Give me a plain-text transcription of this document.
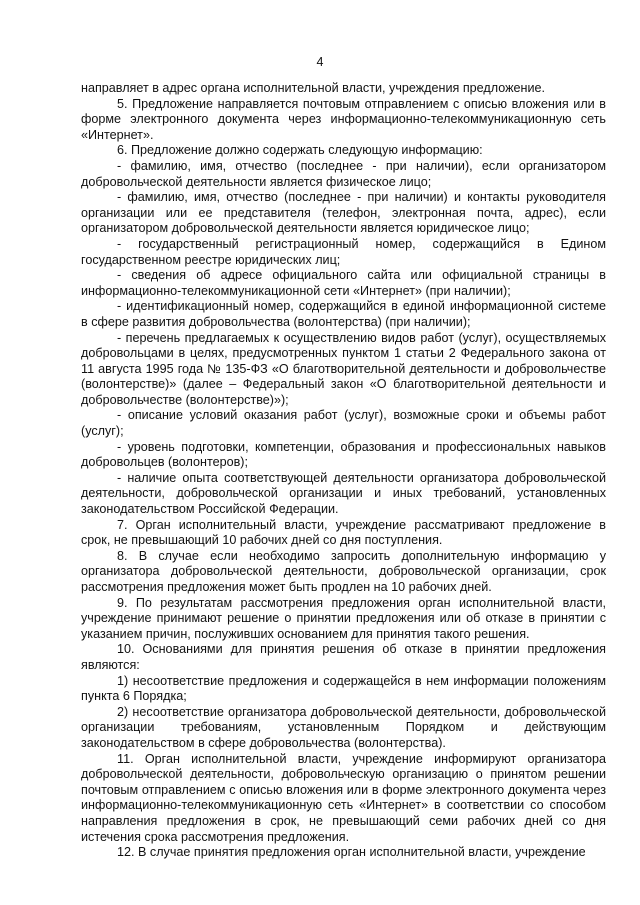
4

направляет в адрес органа исполнительной власти, учреждения предложение.

5. Предложение направляется почтовым отправлением с описью вложения или в форме электронного документа через информационно-телекоммуникационную сеть «Интернет».

6. Предложение должно содержать следующую информацию:

- фамилию, имя, отчество (последнее - при наличии), если организатором добровольческой деятельности является физическое лицо;

- фамилию, имя, отчество (последнее - при наличии) и контакты руководителя организации или ее представителя (телефон, электронная почта, адрес), если организатором добровольческой деятельности является юридическое лицо;

- государственный регистрационный номер, содержащийся в Едином государственном реестре юридических лиц;

- сведения об адресе официального сайта или официальной страницы в информационно-телекоммуникационной сети «Интернет» (при наличии);

- идентификационный номер, содержащийся в единой информационной системе в сфере развития добровольчества (волонтерства) (при наличии);

- перечень предлагаемых к осуществлению видов работ (услуг), осуществляемых добровольцами в целях, предусмотренных пунктом 1 статьи 2 Федерального закона от 11 августа 1995 года № 135-ФЗ «О благотворительной деятельности и добровольчестве (волонтерстве)» (далее – Федеральный закон «О благотворительной деятельности и добровольчестве (волонтерстве)»);

- описание условий оказания работ (услуг), возможные сроки и объемы работ (услуг);

- уровень подготовки, компетенции, образования и профессиональных навыков добровольцев (волонтеров);

- наличие опыта соответствующей деятельности организатора добровольческой деятельности, добровольческой организации и иных требований, установленных законодательством Российской Федерации.

7. Орган исполнительный власти, учреждение рассматривают предложение в срок, не превышающий 10 рабочих дней со дня поступления.

8. В случае если необходимо запросить дополнительную информацию у организатора добровольческой деятельности, добровольческой организации, срок рассмотрения предложения может быть продлен на 10 рабочих дней.

9. По результатам рассмотрения предложения орган исполнительной власти, учреждение принимают решение о принятии предложения или об отказе в принятии с указанием причин, послуживших основанием для принятия такого решения.

10. Основаниями для принятия решения об отказе в принятии предложения являются:

1) несоответствие предложения и содержащейся в нем информации положениям пункта 6 Порядка;

2) несоответствие организатора добровольческой деятельности, добровольческой организации требованиям, установленным Порядком и действующим законодательством в сфере добровольчества (волонтерства).

11. Орган исполнительной власти, учреждение информируют организатора добровольческой деятельности, добровольческую организацию о принятом решении почтовым отправлением с описью вложения или в форме электронного документа через информационно-телекоммуникационную сеть «Интернет» в соответствии со способом направления предложения в срок, не превышающий семи рабочих дней со дня истечения срока рассмотрения предложения.

12. В случае принятия предложения орган исполнительной власти, учреждение
